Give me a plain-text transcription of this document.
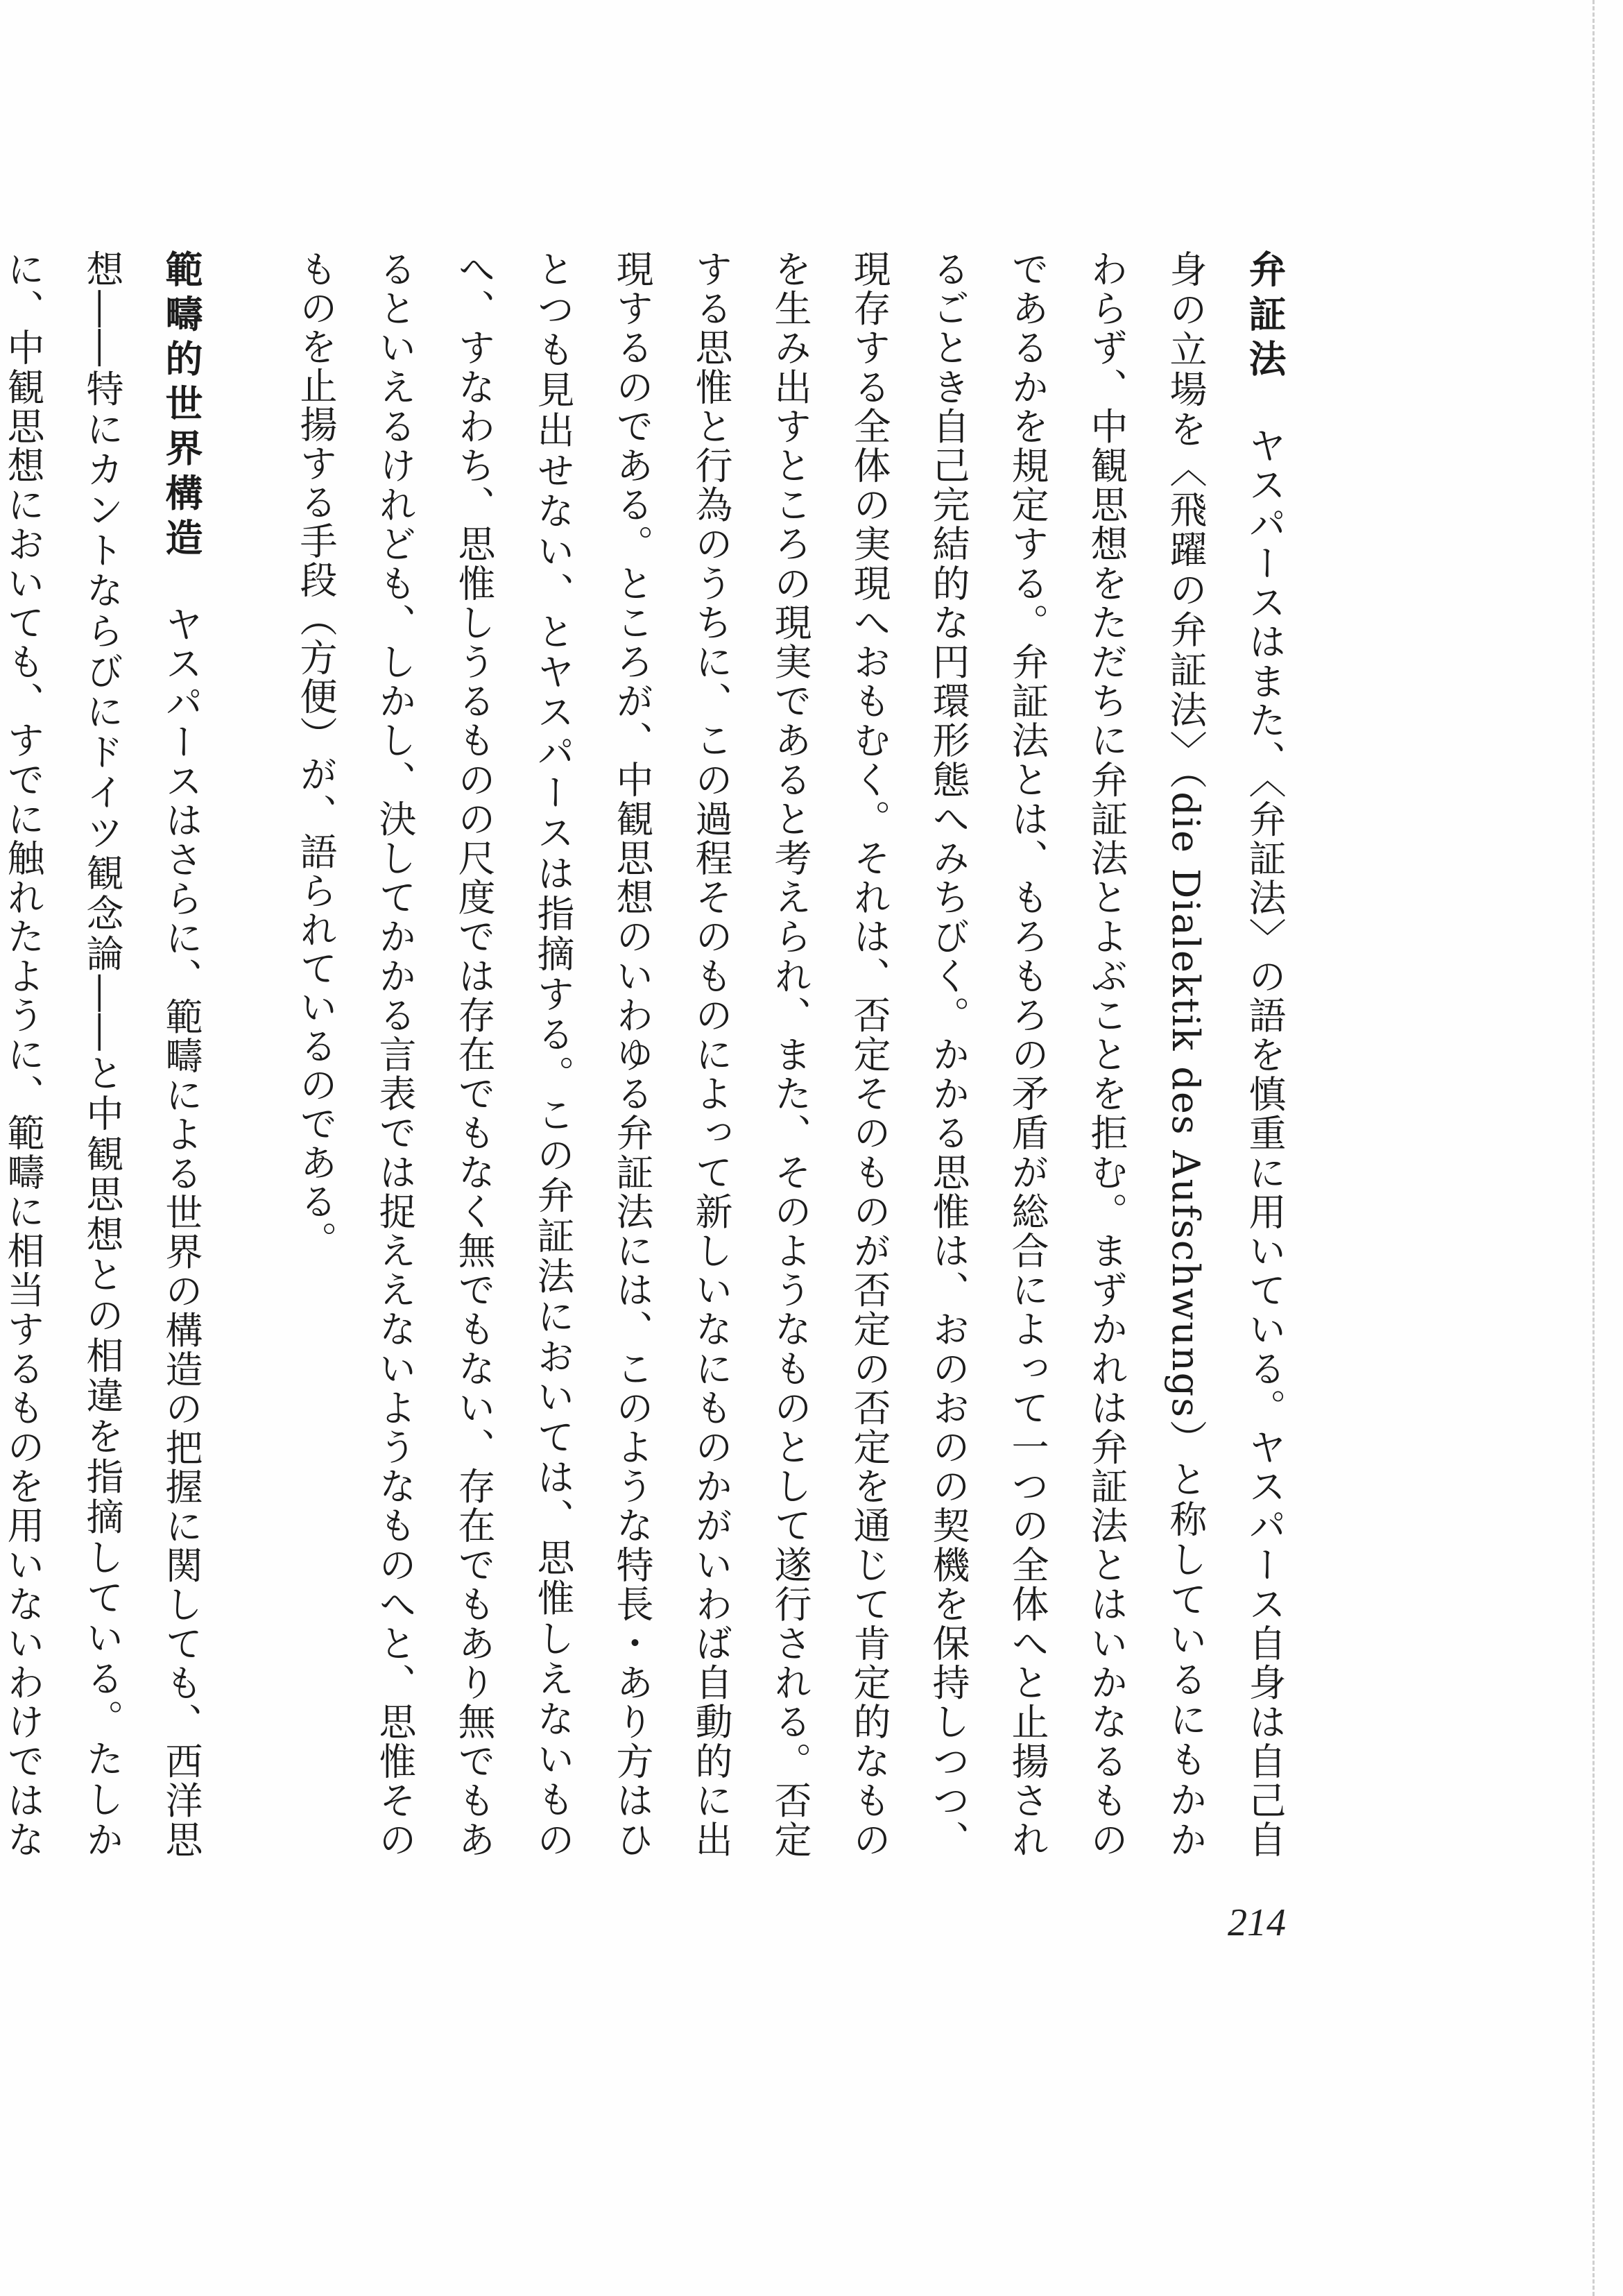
弁証法ヤスパースはまた、〈弁証法〉の語を慎重に用いている。ヤスパース自身は自己自身の立場を〈飛躍の弁証法〉（die Dialektik des Aufschwungs）と称しているにもかかわらず、中観思想をただちに弁証法とよぶことを拒む。まずかれは弁証法とはいかなるものであるかを規定する。弁証法とは、もろもろの矛盾が総合によって一つの全体へと止揚されるごとき自己完結的な円環形態へみちびく。かかる思惟は、おのおのの契機を保持しつつ、現存する全体の実現へおもむく。それは、否定そのものが否定の否定を通じて肯定的なものを生み出すところの現実であると考えられ、また、そのようなものとして遂行される。否定する思惟と行為のうちに、この過程そのものによって新しいなにものかがいわば自動的に出現するのである。ところが、中観思想のいわゆる弁証法には、このような特長・あり方はひとつも見出せない、とヤスパースは指摘する。この弁証法においては、思惟しえないものへ、すなわち、思惟しうるものの尺度では存在でもなく無でもない、存在でもあり無でもあるといえるけれども、しかし、決してかかる言表では捉ええないようなものへと、思惟そのものを止揚する手段（方便）が、語られているのである。

範疇的世界構造ヤスパースはさらに、範疇による世界の構造の把握に関しても、西洋思想――特にカントならびにドイツ観念論――と中観思想との相違を指摘している。たしかに、中観思想においても、すでに触れたように、範疇に相当するものを用いないわけではな

214
